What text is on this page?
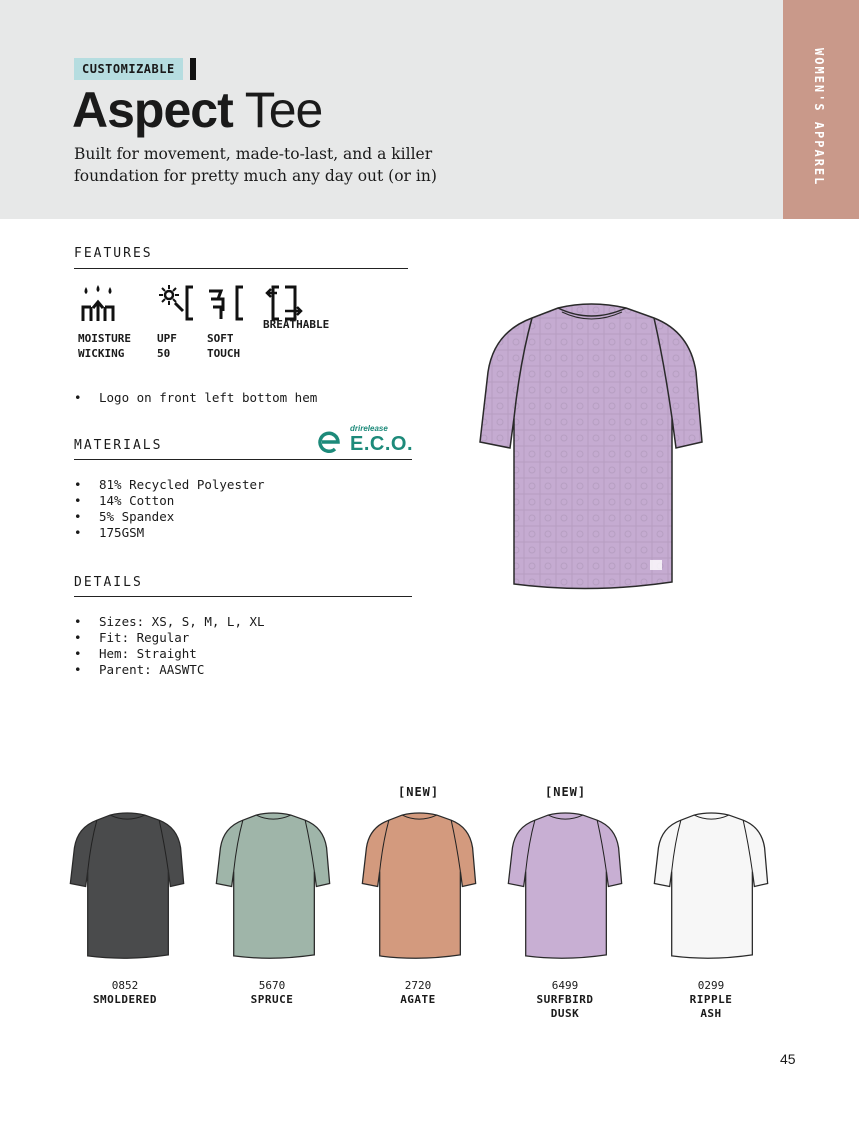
WOMEN'S APPAREL
CUSTOMIZABLE
Aspect Tee
Built for movement, made-to-last, and a killer foundation for pretty much any day out (or in)
FEATURES
MOISTURE
WICKING
UPF
50
SOFT
TOUCH
BREATHABLE
• Logo on front left bottom hem
MATERIALS
drirelease
E.C.O.
• 81% Recycled Polyester
• 14% Cotton
• 5% Spandex
• 175GSM
DETAILS
• Sizes: XS, S, M, L, XL
• Fit: Regular
• Hem: Straight
• Parent: AASWTC
[NEW]	[NEW]
0852
SMOLDERED
5670
SPRUCE
2720
AGATE
6499
SURFBIRD
DUSK
0299
RIPPLE
ASH
45
